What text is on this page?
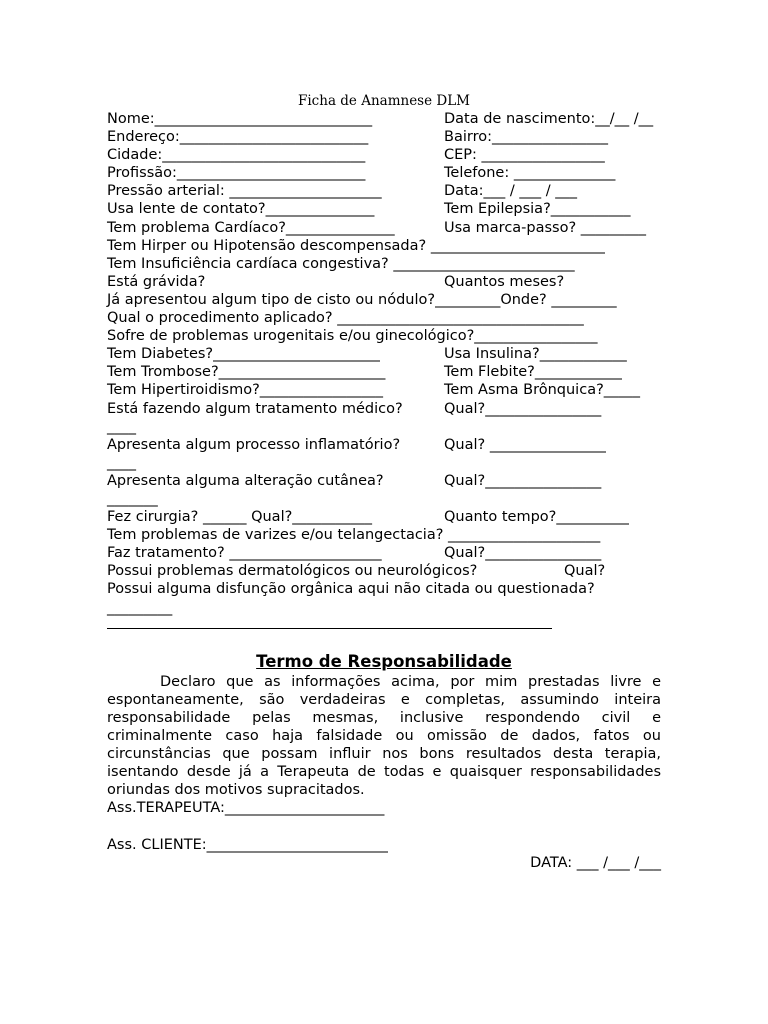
Ficha de Anamnese DLM
Nome:______________________________	Data de nascimento:__/__ /__
Endereço:__________________________	Bairro:________________
Cidade:____________________________	CEP: _________________
Profissão:__________________________	Telefone: ______________
Pressão arterial: _____________________	Data:___ / ___ / ___
Usa lente de contato?_______________	Tem Epilepsia?___________
Tem problema Cardíaco?_______________	Usa marca-passo? _________
Tem Hirper ou Hipotensão descompensada? ________________________
Tem Insuficiência cardíaca congestiva? _________________________
Está grávida?	Quantos meses?
Já apresentou algum tipo de cisto ou nódulo?_________Onde? _________
Qual o procedimento aplicado? __________________________________
Sofre de problemas urogenitais e/ou ginecológico?_________________
Tem Diabetes?_______________________	Usa Insulina?____________
Tem Trombose?_______________________	Tem Flebite?____________
Tem Hipertiroidismo?_________________	Tem Asma Brônquica?_____
Está fazendo algum tratamento médico?	Qual?________________
____
Apresenta algum processo inflamatório?	Qual? ________________
____
Apresenta alguma alteração cutânea?	Qual?________________
_______
Fez cirurgia? ______ Qual?___________	Quanto tempo?__________
Tem problemas de varizes e/ou telangectacia? _____________________
Faz tratamento? _____________________	Qual?________________
Possui problemas dermatológicos ou neurológicos?	Qual?
Possui alguma disfunção orgânica aqui não citada ou questionada?
_________
Termo de Responsabilidade
Declaro que as informações acima, por mim prestadas livre e espontaneamente, são verdadeiras e completas, assumindo inteira responsabilidade pelas mesmas, inclusive respondendo civil e criminalmente caso haja falsidade ou omissão de dados, fatos ou circunstâncias que possam influir nos bons resultados desta terapia, isentando desde já a Terapeuta de todas e quaisquer responsabilidades oriundas dos motivos supracitados.
Ass.TERAPEUTA:______________________
Ass. CLIENTE:_________________________
DATA: ___ /___ /___
